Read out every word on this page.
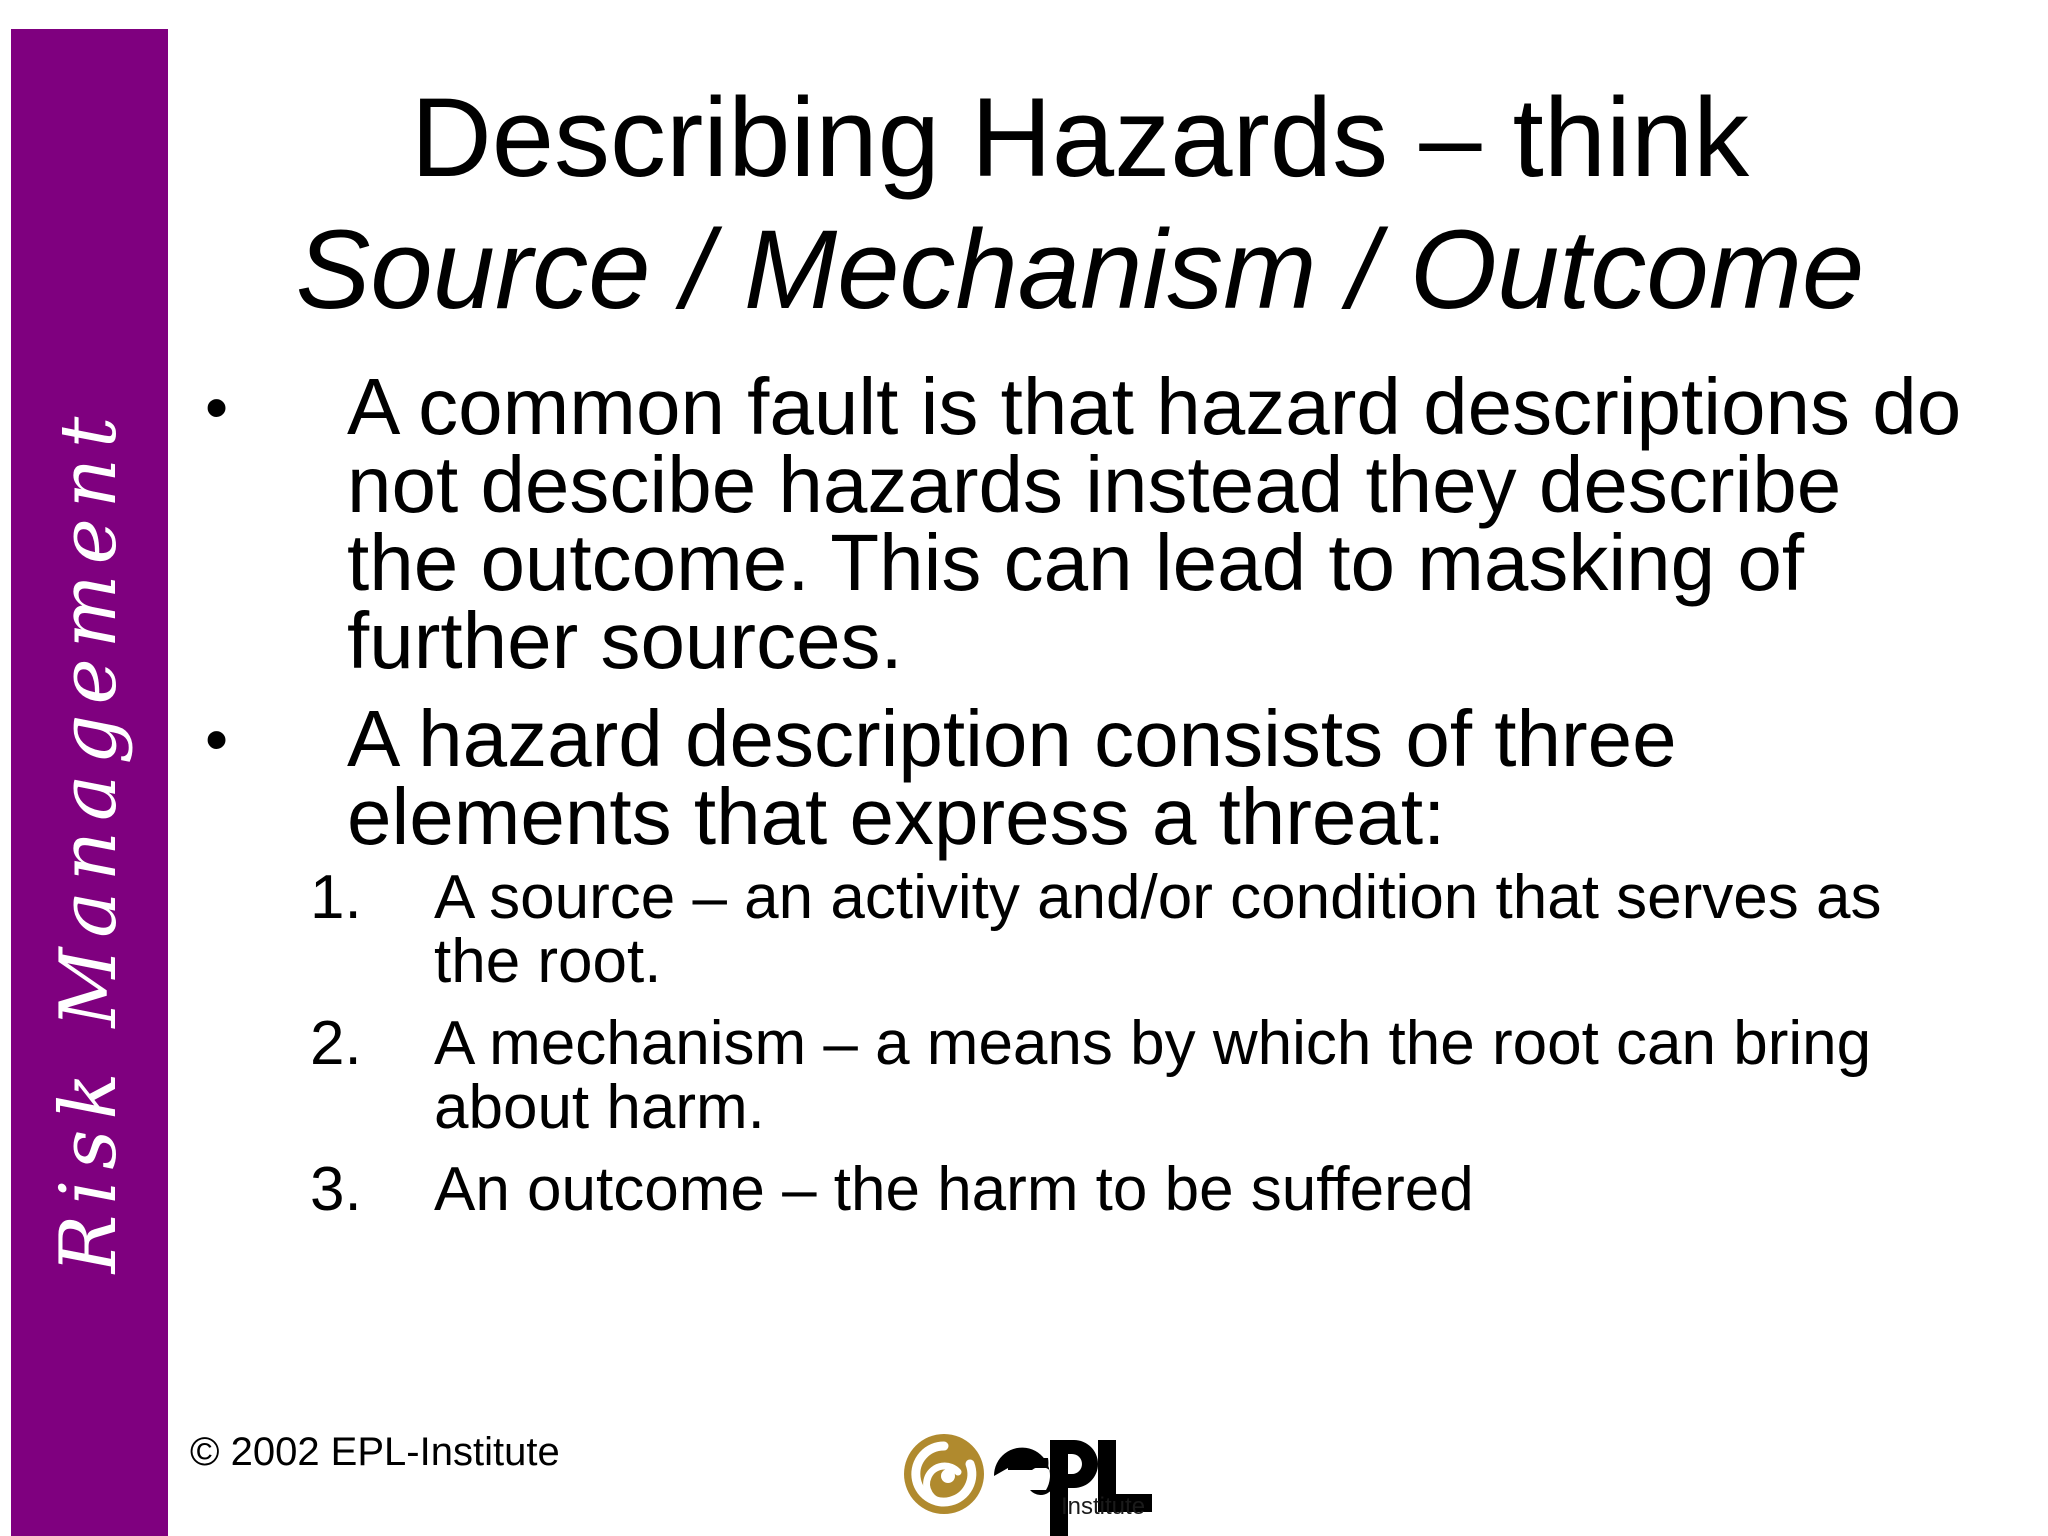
Risk Management
Describing Hazards – think
Source / Mechanism / Outcome
• A common fault is that hazard descriptions do not descibe hazards instead they describe the outcome. This can lead to masking of further sources.
• A hazard description consists of three elements that express a threat:
1. A source – an activity and/or condition that serves as the root.
2. A mechanism – a means by which the root can bring about harm.
3. An outcome – the harm to be suffered
© 2002 EPL-Institute
Institute
